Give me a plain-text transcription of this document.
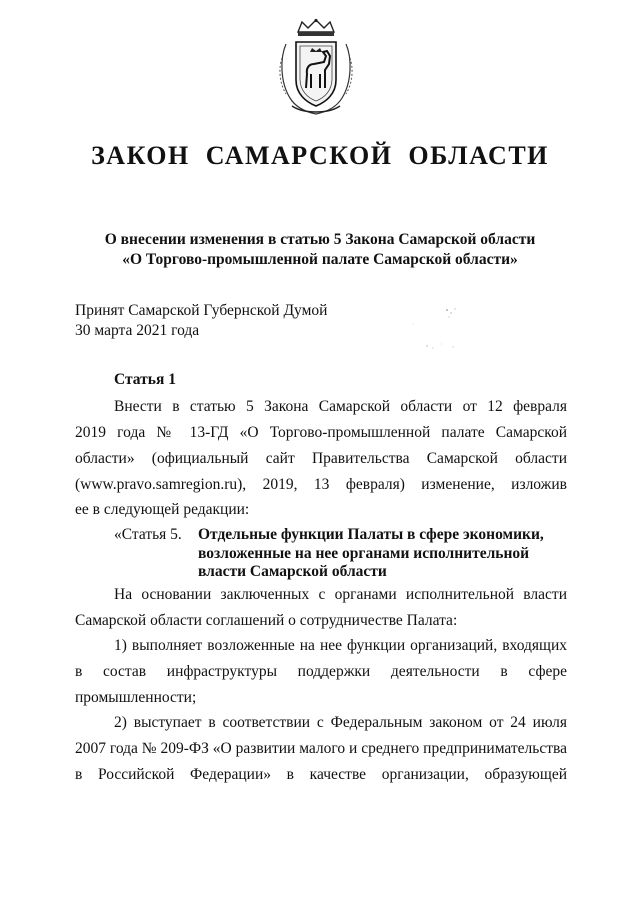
ЗАКОН САМАРСКОЙ ОБЛАСТИ
О внесении изменения в статью 5 Закона Самарской области
«О Торгово-промышленной палате Самарской области»
Принят Самарской Губернской Думой
30 марта 2021 года
Статья 1
Внести в статью 5 Закона Самарской области от 12 февраля
2019 года № 13-ГД «О Торгово-промышленной палате Самарской
области» (официальный сайт Правительства Самарской области
(www.pravo.samregion.ru), 2019, 13 февраля) изменение, изложив
ее в следующей редакции:
«Статья 5. Отдельные функции Палаты в сфере экономики,
возложенные на нее органами исполнительной
власти Самарской области
На основании заключенных с органами исполнительной власти
Самарской области соглашений о сотрудничестве Палата:
1) выполняет возложенные на нее функции организаций, входящих
в состав инфраструктуры поддержки деятельности в сфере
промышленности;
2) выступает в соответствии с Федеральным законом от 24 июля
2007 года № 209-ФЗ «О развитии малого и среднего предпринимательства
в Российской Федерации» в качестве организации, образующей
